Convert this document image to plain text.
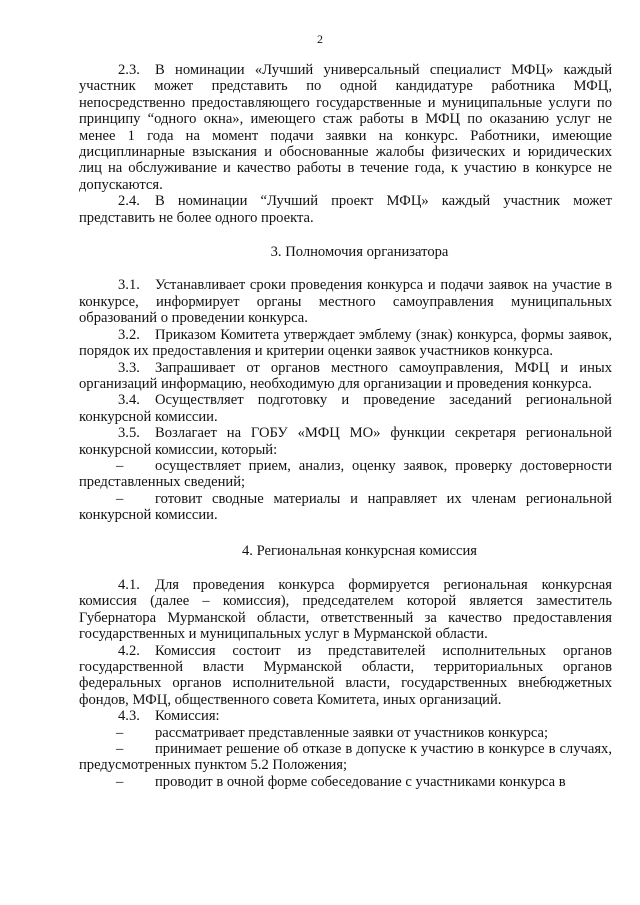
2

2.3. В номинации «Лучший универсальный специалист МФЦ» каждый участник может представить по одной кандидатуре работника МФЦ, непосредственно предоставляющего государственные и муниципальные услуги по принципу “одного окна», имеющего стаж работы в МФЦ по оказанию услуг не менее 1 года на момент подачи заявки на конкурс. Работники, имеющие дисциплинарные взыскания и обоснованные жалобы физических и юридических лиц на обслуживание и качество работы в течение года, к участию в конкурсе не допускаются.

2.4. В номинации “Лучший проект МФЦ» каждый участник может представить не более одного проекта.

3. Полномочия организатора

3.1. Устанавливает сроки проведения конкурса и подачи заявок на участие в конкурсе, информирует органы местного самоуправления муниципальных образований о проведении конкурса.

3.2. Приказом Комитета утверждает эмблему (знак) конкурса, формы заявок, порядок их предоставления и критерии оценки заявок участников конкурса.

3.3. Запрашивает от органов местного самоуправления, МФЦ и иных организаций информацию, необходимую для организации и проведения конкурса.

3.4. Осуществляет подготовку и проведение заседаний региональной конкурсной комиссии.

3.5. Возлагает на ГОБУ «МФЦ МО» функции секретаря региональной конкурсной комиссии, который:

– осуществляет прием, анализ, оценку заявок, проверку достоверности представленных сведений;

– готовит сводные материалы и направляет их членам региональной конкурсной комиссии.

4. Региональная конкурсная комиссия

4.1. Для проведения конкурса формируется региональная конкурсная комиссия (далее – комиссия), председателем которой является заместитель Губернатора Мурманской области, ответственный за качество предоставления государственных и муниципальных услуг в Мурманской области.

4.2. Комиссия состоит из представителей исполнительных органов государственной власти Мурманской области, территориальных органов федеральных органов исполнительной власти, государственных внебюджетных фондов, МФЦ, общественного совета Комитета, иных организаций.

4.3. Комиссия:

– рассматривает представленные заявки от участников конкурса;

– принимает решение об отказе в допуске к участию в конкурсе в случаях, предусмотренных пунктом 5.2 Положения;

– проводит в очной форме собеседование с участниками конкурса в
